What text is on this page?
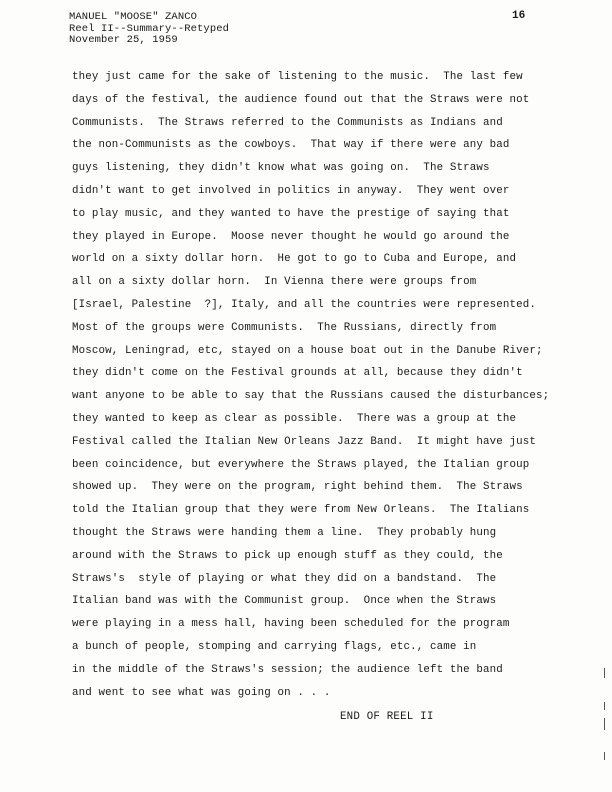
MANUEL "MOOSE" ZANCO
Reel II--Summary--Retyped
November 25, 1959
16
they just came for the sake of listening to the music.  The last few
days of the festival, the audience found out that the Straws were not
Communists.  The Straws referred to the Communists as Indians and
the non-Communists as the cowboys.  That way if there were any bad
guys listening, they didn't know what was going on.  The Straws
didn't want to get involved in politics in anyway.  They went over
to play music, and they wanted to have the prestige of saying that
they played in Europe.  Moose never thought he would go around the
world on a sixty dollar horn.  He got to go to Cuba and Europe, and
all on a sixty dollar horn.  In Vienna there were groups from
[Israel, Palestine  ?], Italy, and all the countries were represented.
Most of the groups were Communists.  The Russians, directly from
Moscow, Leningrad, etc, stayed on a house boat out in the Danube River;
they didn't come on the Festival grounds at all, because they didn't
want anyone to be able to say that the Russians caused the disturbances;
they wanted to keep as clear as possible.  There was a group at the
Festival called the Italian New Orleans Jazz Band.  It might have just
been coincidence, but everywhere the Straws played, the Italian group
showed up.  They were on the program, right behind them.  The Straws
told the Italian group that they were from New Orleans.  The Italians
thought the Straws were handing them a line.  They probably hung
around with the Straws to pick up enough stuff as they could, the
Straws's  style of playing or what they did on a bandstand.  The
Italian band was with the Communist group.  Once when the Straws
were playing in a mess hall, having been scheduled for the program
a bunch of people, stomping and carrying flags, etc., came in
in the middle of the Straws's session; the audience left the band
and went to see what was going on . . .
END OF REEL II
